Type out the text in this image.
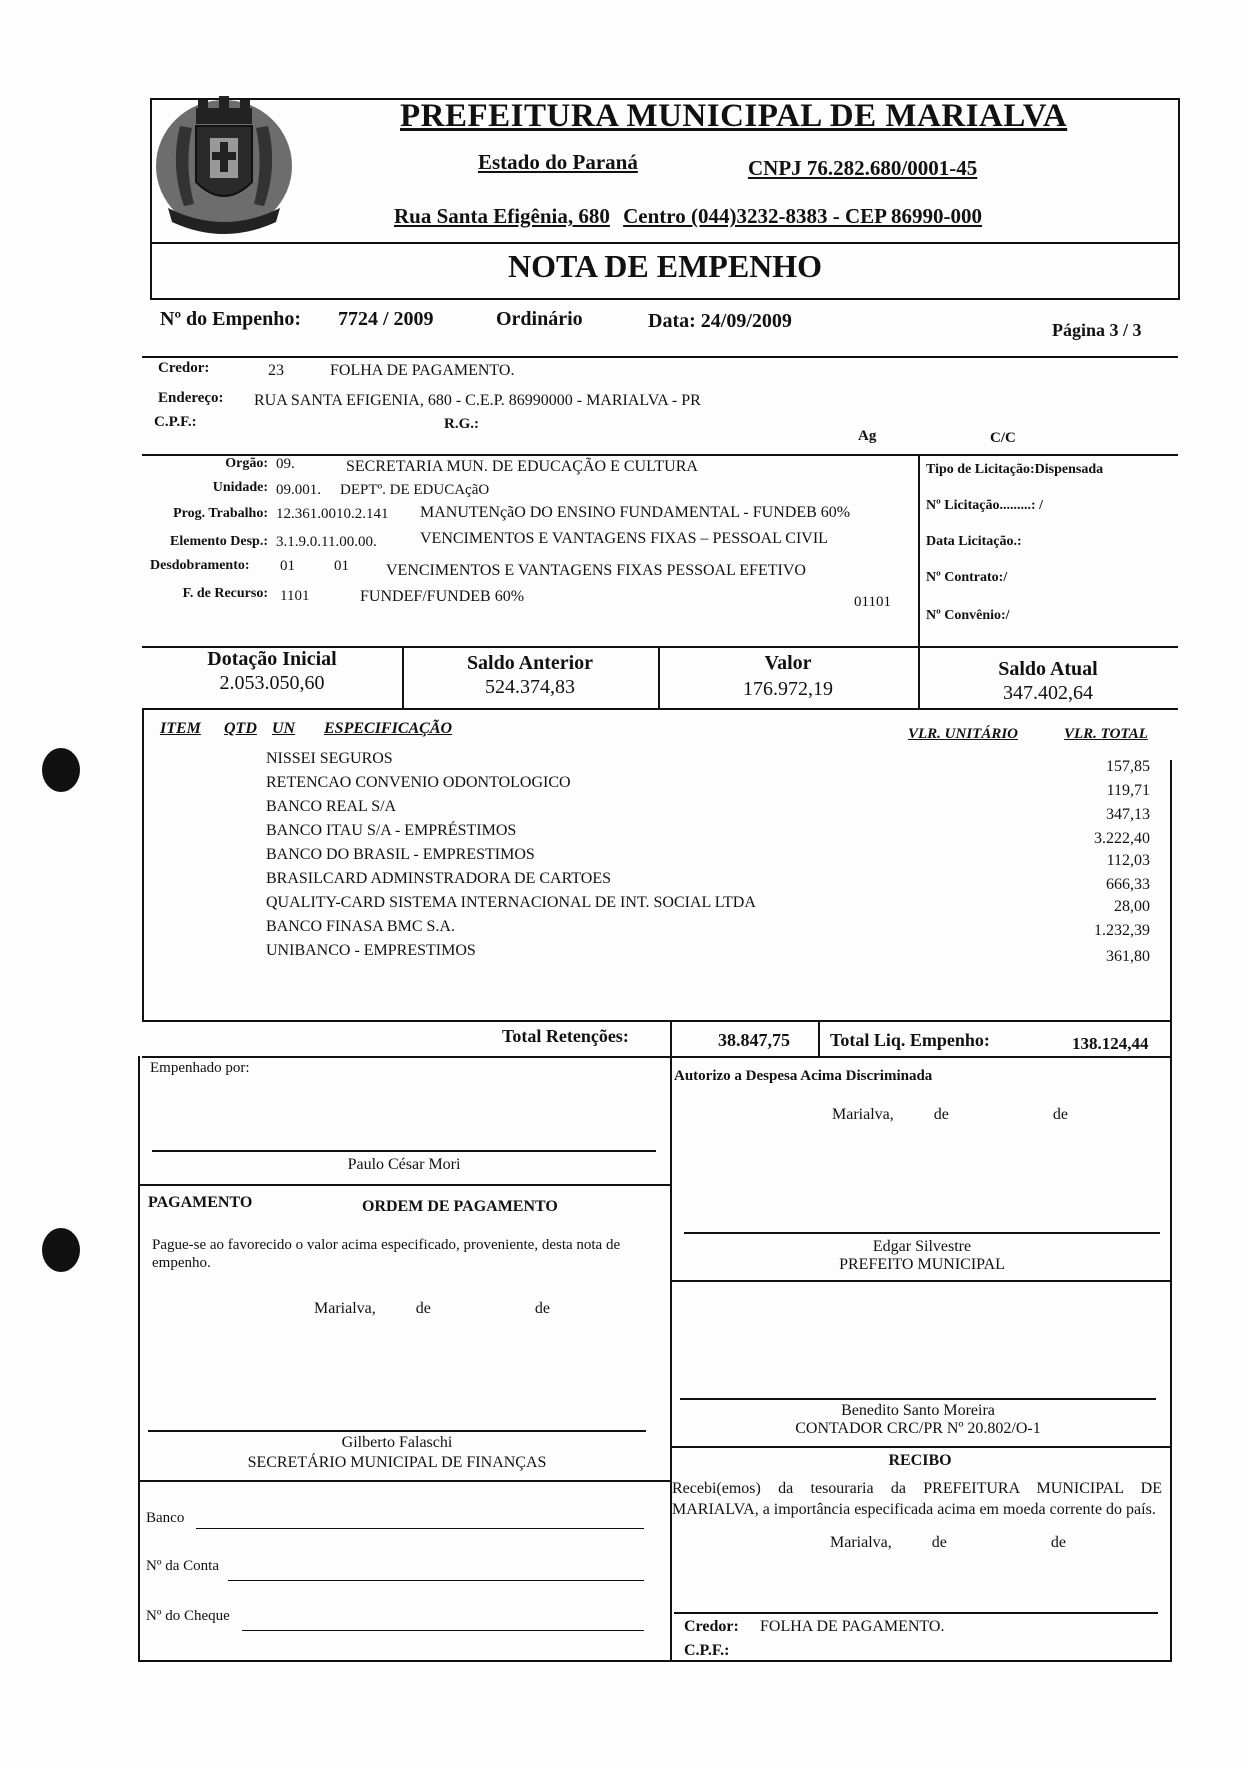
PREFEITURA MUNICIPAL DE MARIALVA
Estado do Paraná	CNPJ 76.282.680/0001-45
Rua Santa Efigênia, 680 Centro (044)3232-8383 - CEP 86990-000
NOTA DE EMPENHO
Nº do Empenho: 7724 / 2009	Ordinário	Data: 24/09/2009	Página 3 / 3
Credor:	23	FOLHA DE PAGAMENTO.
Endereço: RUA SANTA EFIGENIA, 680 - C.E.P. 86990000 - MARIALVA - PR
C.P.F.:	R.G.:
Ag	C/C
Orgão: 09.	SECRETARIA MUN. DE EDUCAÇÃO E CULTURA
Unidade: 09.001. DEPTº. DE EDUCAçãO
Prog. Trabalho: 12.361.0010.2.141 MANUTENçãO DO ENSINO FUNDAMENTAL - FUNDEB 60%
Elemento Desp.: 3.1.9.0.11.00.00.	VENCIMENTOS E VANTAGENS FIXAS – PESSOAL CIVIL
Desdobramento: 01	01 VENCIMENTOS E VANTAGENS FIXAS PESSOAL EFETIVO
F. de Recurso: 1101	FUNDEF/FUNDEB 60%	01101
Tipo de Licitação:Dispensada
Nº Licitação.........: /
Data Licitação.:
Nº Contrato:/
Nº Convênio:/
Dotação Inicial
2.053.050,60
Saldo Anterior
524.374,83
Valor
176.972,19
Saldo Atual
347.402,64
ITEM QTD UN ESPECIFICAÇÃO	VLR. UNITÁRIO	VLR. TOTAL
NISSEI SEGUROS	157,85
RETENCAO CONVENIO ODONTOLOGICO	119,71
BANCO REAL S/A	347,13
BANCO ITAU S/A - EMPRÉSTIMOS	3.222,40
BANCO DO BRASIL - EMPRESTIMOS	112,03
BRASILCARD ADMINSTRADORA DE CARTOES	666,33
QUALITY-CARD SISTEMA INTERNACIONAL DE INT. SOCIAL LTDA	28,00
BANCO FINASA BMC S.A.	1.232,39
UNIBANCO - EMPRESTIMOS	361,80
Total Retenções:	38.847,75 Total Liq. Empenho:	138.124,44
Empenhado por:
Paulo César Mori
Autorizo a Despesa Acima Discriminada
Marialva,          de                          de
PAGAMENTO	ORDEM DE PAGAMENTO
Pague-se ao favorecido o valor acima especificado, proveniente, desta nota de empenho.
Marialva,          de                          de
Gilberto Falaschi
SECRETÁRIO MUNICIPAL DE FINANÇAS
Banco
Nº da Conta
Nº do Cheque
Edgar Silvestre
PREFEITO MUNICIPAL
Benedito Santo Moreira
CONTADOR CRC/PR Nº 20.802/O-1
RECIBO
Recebi(emos) da tesouraria da PREFEITURA MUNICIPAL DE MARIALVA, a importância especificada acima em moeda corrente do país.
Marialva,          de                          de
Credor: FOLHA DE PAGAMENTO.
C.P.F.:
